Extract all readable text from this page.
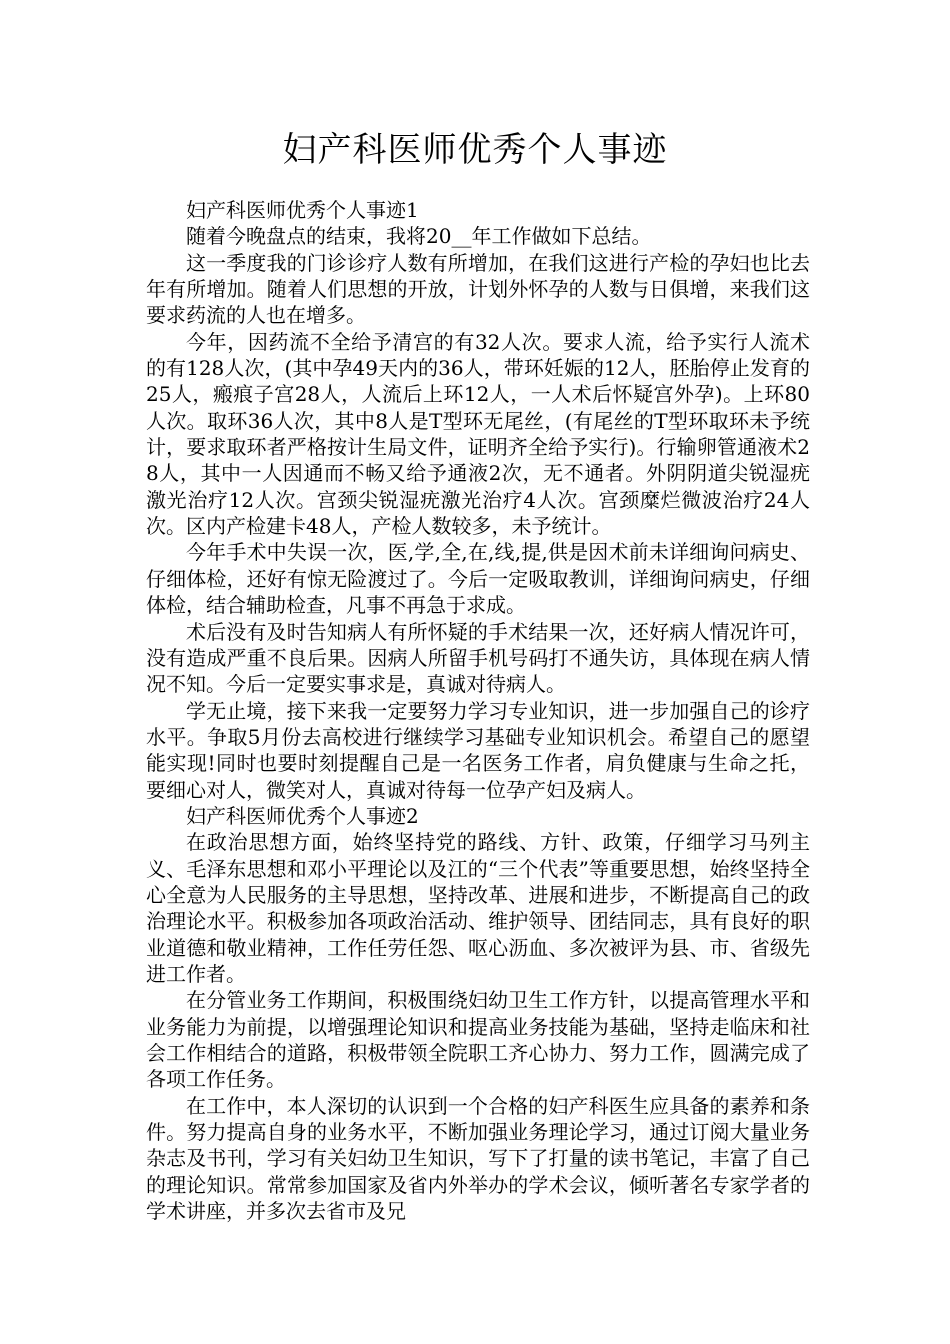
妇产科医师优秀个人事迹

妇产科医师优秀个人事迹1

随着今晚盘点的结束，我将20__年工作做如下总结。

这一季度我的门诊诊疗人数有所增加，在我们这进行产检的孕妇也比去年有所增加。随着人们思想的开放，计划外怀孕的人数与日俱增，来我们这要求药流的人也在增多。

今年，因药流不全给予清宫的有32人次。要求人流，给予实行人流术的有128人次，(其中孕49天内的36人，带环妊娠的12人，胚胎停止发育的25人，瘢痕子宫28人，人流后上环12人，一人术后怀疑宫外孕)。上环80人次。取环36人次，其中8人是T型环无尾丝，(有尾丝的T型环取环未予统计，要求取环者严格按计生局文件，证明齐全给予实行)。行输卵管通液术28人，其中一人因通而不畅又给予通液2次，无不通者。外阴阴道尖锐湿疣激光治疗12人次。宫颈尖锐湿疣激光治疗4人次。宫颈糜烂微波治疗24人次。区内产检建卡48人，产检人数较多，未予统计。

今年手术中失误一次，医,学,全,在,线,提,供是因术前未详细询问病史、仔细体检，还好有惊无险渡过了。今后一定吸取教训，详细询问病史，仔细体检，结合辅助检查，凡事不再急于求成。

术后没有及时告知病人有所怀疑的手术结果一次，还好病人情况许可，没有造成严重不良后果。因病人所留手机号码打不通失访，具体现在病人情况不知。今后一定要实事求是，真诚对待病人。

学无止境，接下来我一定要努力学习专业知识，进一步加强自己的诊疗水平。争取5月份去高校进行继续学习基础专业知识机会。希望自己的愿望能实现!同时也要时刻提醒自己是一名医务工作者，肩负健康与生命之托，要细心对人，微笑对人，真诚对待每一位孕产妇及病人。

妇产科医师优秀个人事迹2

在政治思想方面，始终坚持党的路线、方针、政策，仔细学习马列主义、毛泽东思想和邓小平理论以及江的“三个代表”等重要思想，始终坚持全心全意为人民服务的主导思想，坚持改革、进展和进步，不断提高自己的政治理论水平。积极参加各项政治活动、维护领导、团结同志，具有良好的职业道德和敬业精神，工作任劳任怨、呕心沥血、多次被评为县、市、省级先进工作者。

在分管业务工作期间，积极围绕妇幼卫生工作方针，以提高管理水平和业务能力为前提，以增强理论知识和提高业务技能为基础，坚持走临床和社会工作相结合的道路，积极带领全院职工齐心协力、努力工作，圆满完成了各项工作任务。

在工作中，本人深切的认识到一个合格的妇产科医生应具备的素养和条件。努力提高自身的业务水平，不断加强业务理论学习，通过订阅大量业务杂志及书刊，学习有关妇幼卫生知识，写下了打量的读书笔记，丰富了自己的理论知识。常常参加国家及省内外举办的学术会议，倾听著名专家学者的学术讲座，并多次去省市及兄
